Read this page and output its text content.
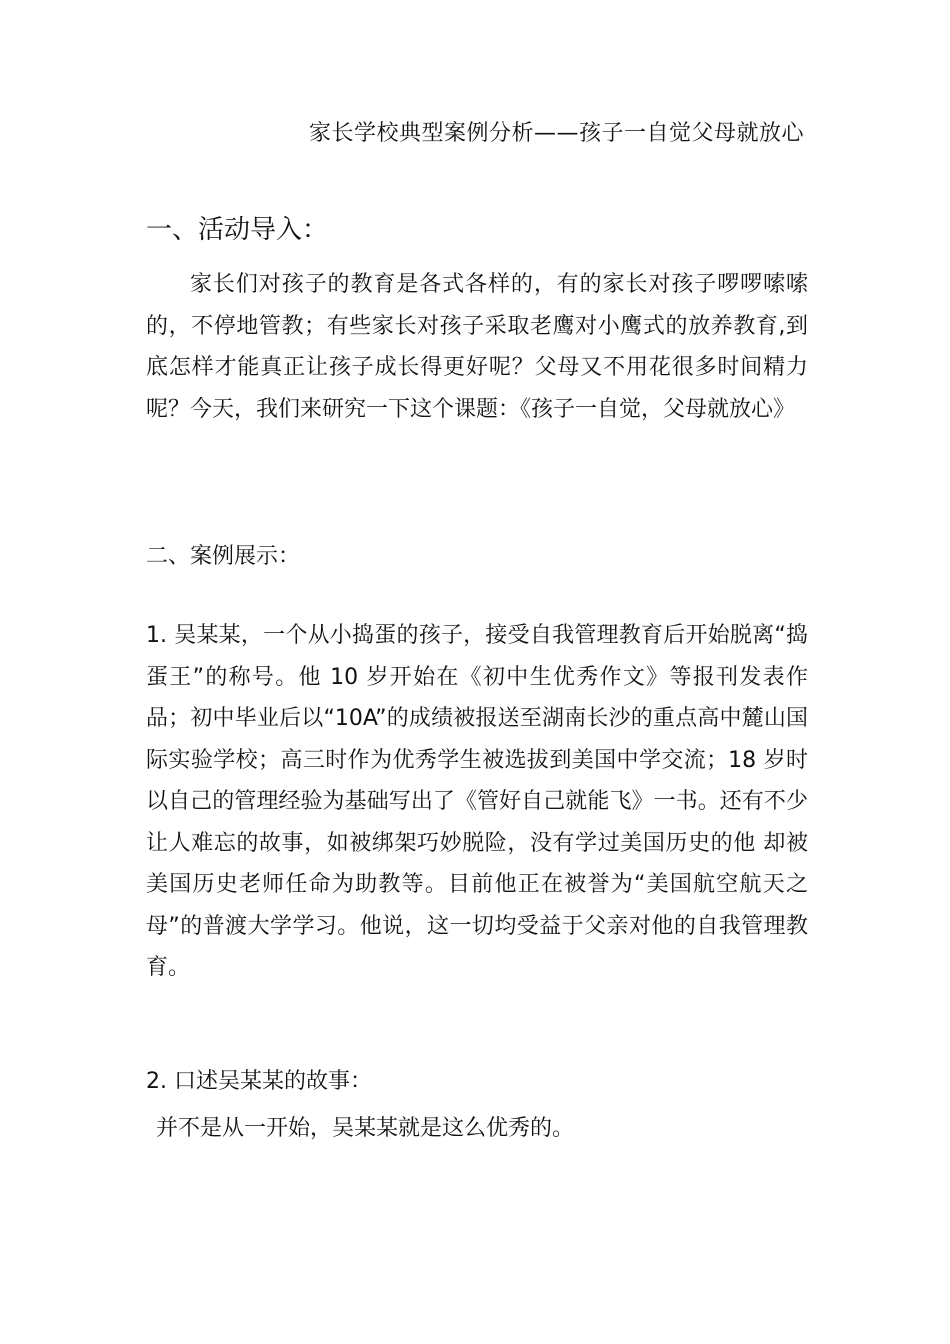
家长学校典型案例分析——孩子一自觉父母就放心
一、活动导入：

家长们对孩子的教育是各式各样的，有的家长对孩子啰啰嗦嗦的，不停地管教；有些家长对孩子采取老鹰对小鹰式的放养教育,到底怎样才能真正让孩子成长得更好呢？父母又不用花很多时间精力呢？今天，我们来研究一下这个课题：《孩子一自觉，父母就放心》

二、案例展示：

1. 吴某某，一个从小捣蛋的孩子，接受自我管理教育后开始脱离“捣蛋王”的称号。他 10 岁开始在《初中生优秀作文》等报刊发表作品；初中毕业后以“10A”的成绩被报送至湖南长沙的重点高中麓山国际实验学校；高三时作为优秀学生被选拔到美国中学交流；18 岁时以自己的管理经验为基础写出了《管好自己就能飞》一书。还有不少让人难忘的故事，如被绑架巧妙脱险，没有学过美国历史的他 却被美国历史老师任命为助教等。目前他正在被誉为“美国航空航天之母”的普渡大学学习。他说，这一切均受益于父亲对他的自我管理教育。

2. 口述吴某某的故事：
并不是从一开始，吴某某就是这么优秀的。
